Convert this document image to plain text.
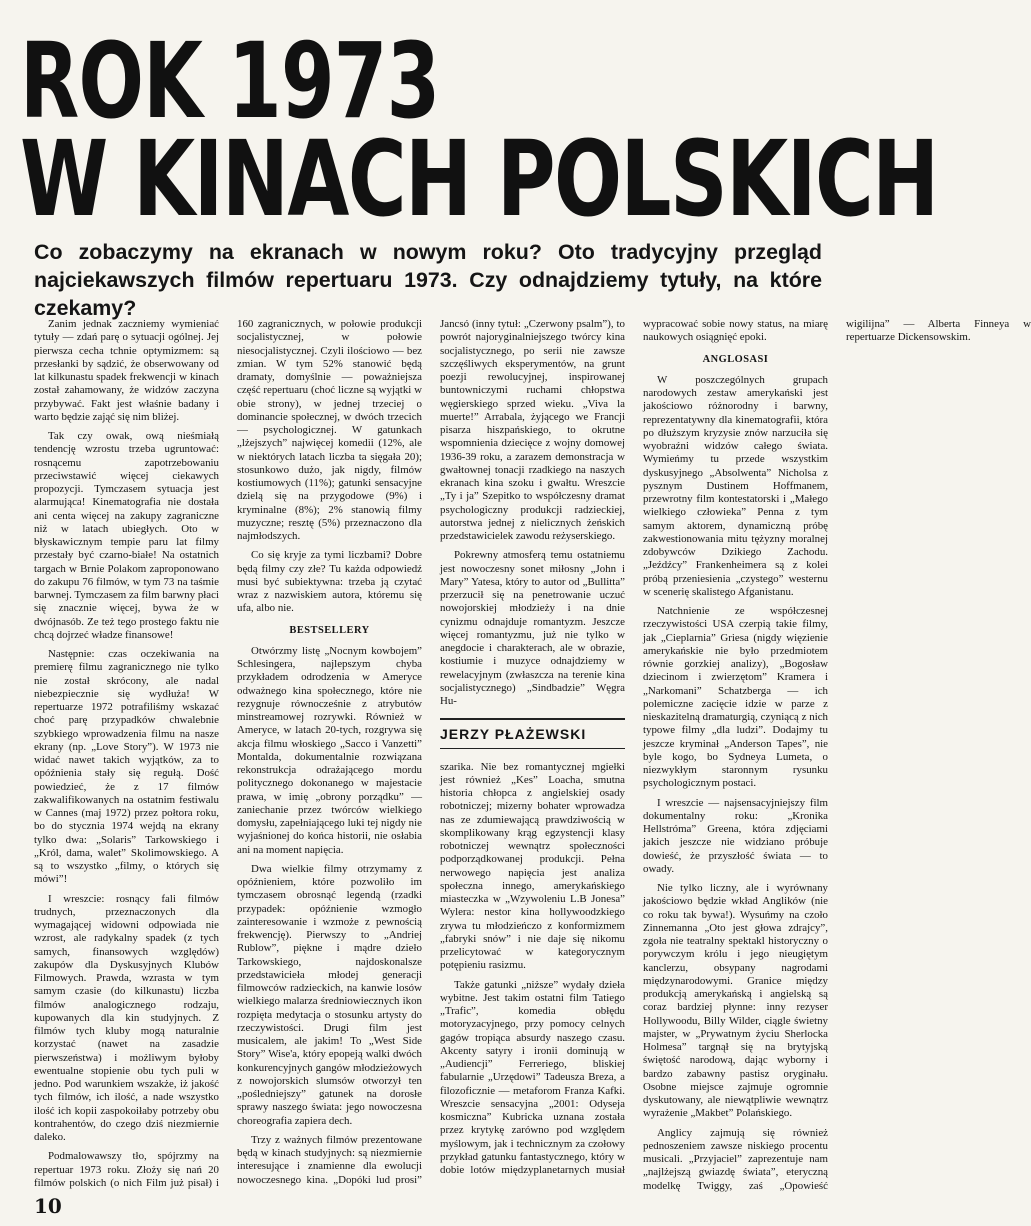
ROK 1973
W KINACH POLSKICH
Co zobaczymy na ekranach w nowym roku? Oto tradycyjny przegląd najciekawszych filmów repertuaru 1973. Czy odnajdziemy tytuły, na które czekamy?

Zanim jednak zaczniemy wymieniać tytuły — zdań parę o sytuacji ogólnej. Jej pierwsza cecha tchnie optymizmem: są przesłanki by sądzić, że obserwowany od lat kilkunastu spadek frekwencji w kinach został zahamowany, że widzów zaczyna przybywać. Fakt jest właśnie badany i warto będzie zająć się nim bliżej.

Tak czy owak, ową nieśmiałą tendencję wzrostu trzeba ugruntować: rosnącemu zapotrzebowaniu przeciwstawić więcej ciekawych propozycji. Tymczasem sytuacja jest alarmująca! Kinematografia nie dostała ani centa więcej na zakupy zagraniczne niż w latach ubiegłych. Oto w błyskawicznym tempie paru lat filmy przestały być czarno-białe! Na ostatnich targach w Brnie Polakom zaproponowano do zakupu 76 filmów, w tym 73 na taśmie barwnej. Tymczasem za film barwny płaci się znacznie więcej, bywa że w dwójnasób. Ze też tego prostego faktu nie chcą dojrzeć władze finansowe!

Następnie: czas oczekiwania na premierę filmu zagranicznego nie tylko nie został skrócony, ale nadal niebezpiecznie się wydłuża! W repertuarze 1972 potrafiliśmy wskazać choć parę przypadków chwalebnie szybkiego wprowadzenia filmu na nasze ekrany (np. „Love Story”). W 1973 nie widać nawet takich wyjątków, za to opóźnienia stały się regułą. Dość powiedzieć, że z 17 filmów zakwalifikowanych na ostatnim festiwalu w Cannes (maj 1972) przez połtora roku, bo do stycznia 1974 wejdą na ekrany tylko dwa: „Solaris” Tarkowskiego i „Król, dama, walet” Skolimowskiego. A są to wszystko „filmy, o których się mówi”!

I wreszcie: rosnący fali filmów trudnych, przeznaczonych dla wymagającej widowni odpowiada nie wzrost, ale radykalny spadek (z tych samych, finansowych względów) zakupów dla Dyskusyjnych Klubów Filmowych. Prawda, wzrasta w tym samym czasie (do kilkunastu) liczba filmów analogicznego rodzaju, kupowanych dla kin studyjnych. Z filmów tych kluby mogą naturalnie korzystać (nawet na zasadzie pierwszeństwa) i możliwym byłoby ewentualne stopienie obu tych puli w jedno. Pod warunkiem wszakże, iż jakość tych filmów, ich ilość, a nade wszystko ilość ich kopii zaspokoiłaby potrzeby obu kontrahentów, do czego dziś niezmiernie daleko.

Podmalowawszy tło, spójrzmy na repertuar 1973 roku. Złoży się nań 20 filmów polskich (o nich Film już pisał) i 160 zagranicznych, w połowie produkcji socjalistycznej, w połowie niesocjalistycznej. Czyli ilościowo — bez zmian. W tym 52% stanowić będą dramaty, domyślnie — poważniejsza część repertuaru (choć liczne są wyjątki w obie strony), w jednej trzeciej o dominancie społecznej, w dwóch trzecich — psychologicznej. W gatunkach „lżejszych” najwięcej komedii (12%, ale w niektórych latach liczba ta sięgała 20); stosunkowo dużo, jak nigdy, filmów kostiumowych (11%); gatunki sensacyjne dzielą się na przygodowe (9%) i kryminalne (8%); 2% stanowią filmy muzyczne; resztę (5%) przeznaczono dla najmłodszych.

Co się kryje za tymi liczbami? Dobre będą filmy czy złe? Tu każda odpowiedź musi być subiektywna: trzeba ją czytać wraz z nazwiskiem autora, któremu się ufa, albo nie.

BESTSELLERY

Otwórzmy listę „Nocnym kowbojem” Schlesingera, najlepszym chyba przykładem odrodzenia w Ameryce odważnego kina społecznego, które nie rezygnuje równocześnie z atrybutów minstreamowej rozrywki. Również w Ameryce, w latach 20-tych, rozgrywa się akcja filmu włoskiego „Sacco i Vanzetti” Montalda, dokumentalnie rozwiązana rekonstrukcja odrażającego mordu politycznego dokonanego w majestacie prawa, w imię „obrony porządku” — zaniechanie przez twórców wielkiego domysłu, zapełniającego luki tej nigdy nie wyjaśnionej do końca historii, nie osłabia ani na moment napięcia.

Dwa wielkie filmy otrzymamy z opóźnieniem, które pozwoliło im tymczasem obrosnąć legendą (rzadki przypadek: opóźnienie wzmogło zainteresowanie i wzmoże z pewnością frekwencję). Pierwszy to „Andriej Rublow”, piękne i mądre dzieło Tarkowskiego, najdoskonalsze przedstawicieła młodej generacji filmowców radzieckich, na kanwie losów wielkiego malarza średniowiecznych ikon rozpięta medytacja o stosunku artysty do rzeczywistości. Drugi film jest musicalem, ale jakim! To „West Side Story” Wise'a, który epopeją walki dwóch konkurencyjnych gangów młodzieżowych z nowojorskich slumsów otworzył ten „pośledniejszy” gatunek na dorosłe sprawy naszego świata: jego nowoczesna choreografia zapiera dech.

Trzy z ważnych filmów prezentowane będą w kinach studyjnych: są niezmiernie interesujące i znamienne dla ewolucji nowoczesnego kina. „Dopóki lud prosi” Jancsó (inny tytuł: „Czerwony psalm”), to powrót najoryginalniejszego twórcy kina socjalistycznego, po serii nie zawsze szczęśliwych eksperymentów, na grunt poezji rewolucyjnej, inspirowanej buntowniczymi ruchami chłopstwa węgierskiego sprzed wieku. „Viva la muerte!” Arrabala, żyjącego we Francji pisarza hiszpańskiego, to okrutne wspomnienia dziecięce z wojny domowej 1936-39 roku, a zarazem demonstracja w gwałtownej tonacji rzadkiego na naszych ekranach kina szoku i gwałtu. Wreszcie „Ty i ja” Szepitko to współczesny dramat psychologiczny produkcji radzieckiej, autorstwa jednej z nielicznych żeńskich przedstawicielek zawodu reżyserskiego.

Pokrewny atmosferą temu ostatniemu jest nowoczesny sonet miłosny „John i Mary” Yatesa, który to autor od „Bullitta” przerzucił się na penetrowanie uczuć nowojorskiej młodzieży i na dnie cynizmu odnajduje romantyzm. Jeszcze więcej romantyzmu, już nie tylko w anegdocie i charakterach, ale w obrazie, kostiumie i muzyce odnajdziemy w rewelacyjnym (zwłaszcza na terenie kina socjalistycznego) „Sindbadzie” Węgra Hu-

JERZY PŁAŻEWSKI

szarika. Nie bez romantycznej mgiełki jest również „Kes” Loacha, smutna historia chłopca z angielskiej osady robotniczej; mizerny bohater wprowadza nas ze zdumiewającą prawdziwością w skomplikowany krąg egzystencji klasy robotniczej wewnątrz społeczności podporządkowanej produkcji. Pełna nerwowego napięcia jest analiza społeczna innego, amerykańskiego miasteczka w „Wzywoleniu L.B Jonesa” Wylera: nestor kina hollywoodzkiego zrywa tu młodzieńczo z konformizmem „fabryki snów” i nie daje się nikomu przelicytować w kategorycznym potępieniu rasizmu.

Także gatunki „niższe” wydały dzieła wybitne. Jest takim ostatni film Tatiego „Trafic”, komedia obłędu motoryzacyjnego, przy pomocy celnych gagów tropiąca absurdy naszego czasu. Akcenty satyry i ironii dominują w „Audiencji” Ferreriego, bliskiej fabularnie „Urzędowi” Tadeusza Breza, a filozoficznie — metaforom Franza Kafki. Wreszcie sensacyjna „2001: Odyseja kosmiczna” Kubricka uznana została przez krytykę zarówno pod względem myślowym, jak i technicznym za czołowy przykład gatunku fantastycznego, który w dobie lotów międzyplanetarnych musiał wypracować sobie nowy status, na miarę naukowych osiągnięć epoki.

ANGLOSASI

W poszczególnych grupach narodowych zestaw amerykański jest jakościowo różnorodny i barwny, reprezentatywny dla kinematografii, która po dłuższym kryzysie znów narzuciła się wyobraźni widzów całego świata. Wymieńmy tu przede wszystkim dyskusyjnego „Absolwenta” Nicholsa z pysznym Dustinem Hoffmanem, przewrotny film kontestatorski i „Małego wielkiego człowieka” Penna z tym samym aktorem, dynamiczną próbę zakwestionowania mitu tężyzny moralnej zdobywców Dzikiego Zachodu. „Jeźdźcy” Frankenheimera są z kolei próbą przeniesienia „czystego” westernu w scenerię skalistego Afganistanu.

Natchnienie ze współczesnej rzeczywistości USA czerpią takie filmy, jak „Cieplarnia” Griesa (nigdy więzienie amerykańskie nie było przedmiotem równie gorzkiej analizy), „Bogosław dziecinom i zwierzętom” Kramera i „Narkomani” Schatzberga — ich polemiczne zacięcie idzie w parze z nieskazitelną dramaturgią, czyniącą z nich typowe filmy „dla ludzi”. Dodajmy tu jeszcze kryminał „Anderson Tapes”, nie byle kogo, bo Sydneya Lumeta, o niezwykłym staronnym rysunku psychologicznym postaci.

I wreszcie — najsensacyjniejszy film dokumentalny roku: „Kronika Hellstróma” Greena, która zdjęciami jakich jeszcze nie widziano próbuje dowieść, że przyszłość świata — to owady.

Nie tylko liczny, ale i wyrównany jakościowo będzie wkład Anglików (nie co roku tak bywa!). Wysuńmy na czoło Zinnemanna „Oto jest głowa zdrajcy”, zgoła nie teatralny spektakl historyczny o porywczym królu i jego nieugiętym kanclerzu, obsypany nagrodami międzynarodowymi. Granice między produkcją amerykańską i angielską są coraz bardziej płynne: inny rezyser Hollywoodu, Billy Wilder, ciągle świetny majster, w „Prywatnym życiu Sherlocka Holmesa” targnął się na brytyjską świętość narodową, dając wyborny i bardzo zabawny pastisz oryginału. Osobne miejsce zajmuje ogromnie dyskutowany, ale niewątpliwie wewnątrz wyrażenie „Makbet” Polańskiego.

Anglicy zajmują się również pednoszeniem zawsze niskiego procentu musicali. „Przyjaciel” zaprezentuje nam „najlżejszą gwiazdę świata”, eteryczną modelkę Twiggy, zaś „Opowieść wigilijna” — Alberta Finneya w repertuarze Dickensowskim.

10
